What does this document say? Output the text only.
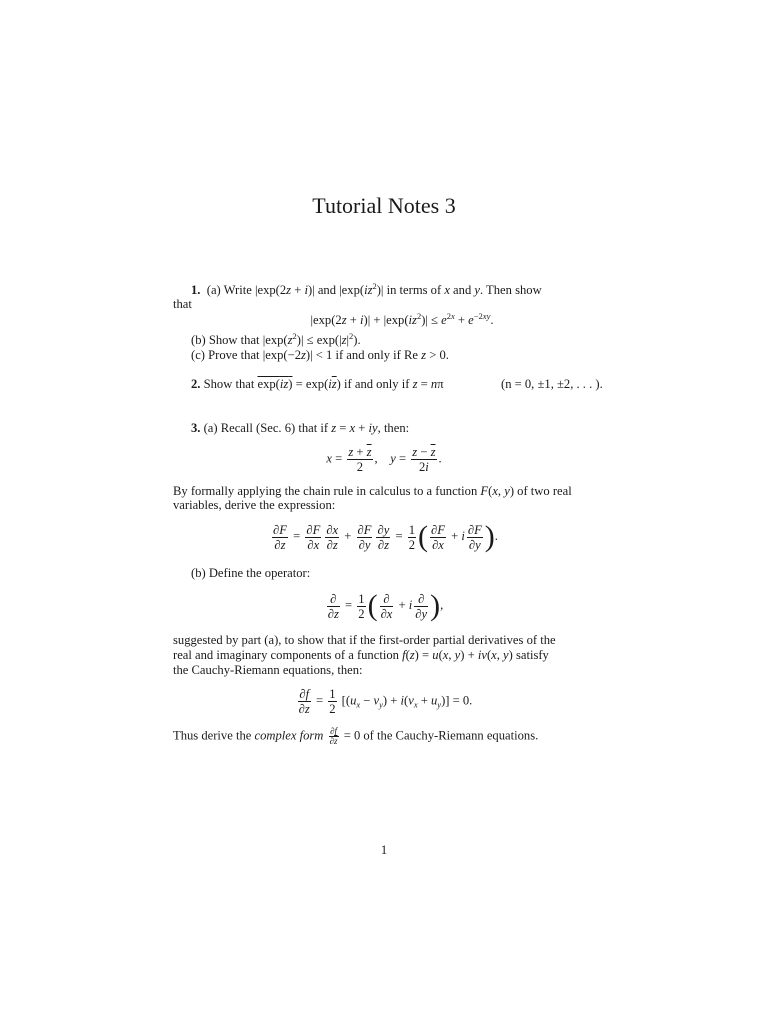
Tutorial Notes 3
1.  (a) Write |exp(2z + i)| and $|\exp(iz^2)|$ in terms of x and y. Then show
that
$|\exp(2z + i)| + |\exp(iz^2)| \le e^{2x} + e^{-2xy}$.
(b) Show that $|\exp(z^2)| \le \exp(|z|^2)$.
(c) Prove that |exp(−2z)| < 1 if and only if Re z > 0.
2. Show that $\exp(iz) = \exp(i\overline{z})$ if and only if z = nπ	(n = 0, ±1, ±2, . . . ).
3. (a) Recall (Sec. 6) that if z = x + iy, then:
$x = \frac{z + \overline{z}}{2}$ ,    $y = \frac{z - \overline{z}}{2i}$ .
By formally applying the chain rule in calculus to a function F(x, y) of two real
variables, derive the expression:
$\frac{\partial F}{\partial\overline{z}} = \frac{\partial F}{\partial x} \frac{\partial x}{\partial\overline{z}} + \frac{\partial F}{\partial y} \frac{\partial y}{\partial\overline{z}} = \frac{1}{2}$ ( $\frac{\partial F}{\partial x} + i \frac{\partial F}{\partial y}$ ).
(b) Define the operator:
$\frac{\partial}{\partial\overline{z}} = \frac{1}{2}$ ( $\frac{\partial}{\partial x} + i \frac{\partial}{\partial y}$ ),
suggested by part (a), to show that if the first-order partial derivatives of the
real and imaginary components of a function f(z) = u(x, y) + iv(x, y) satisfy
the Cauchy-Riemann equations, then:
$\frac{\partial f}{\partial\overline{z}} = \frac{1}{2} [(u_x - v_y) + i(v_x + u_y)] = 0$.
Thus derive the complex form $\frac{\partial f}{\partial\overline{z}} = 0$ of the Cauchy-Riemann equations.
1
